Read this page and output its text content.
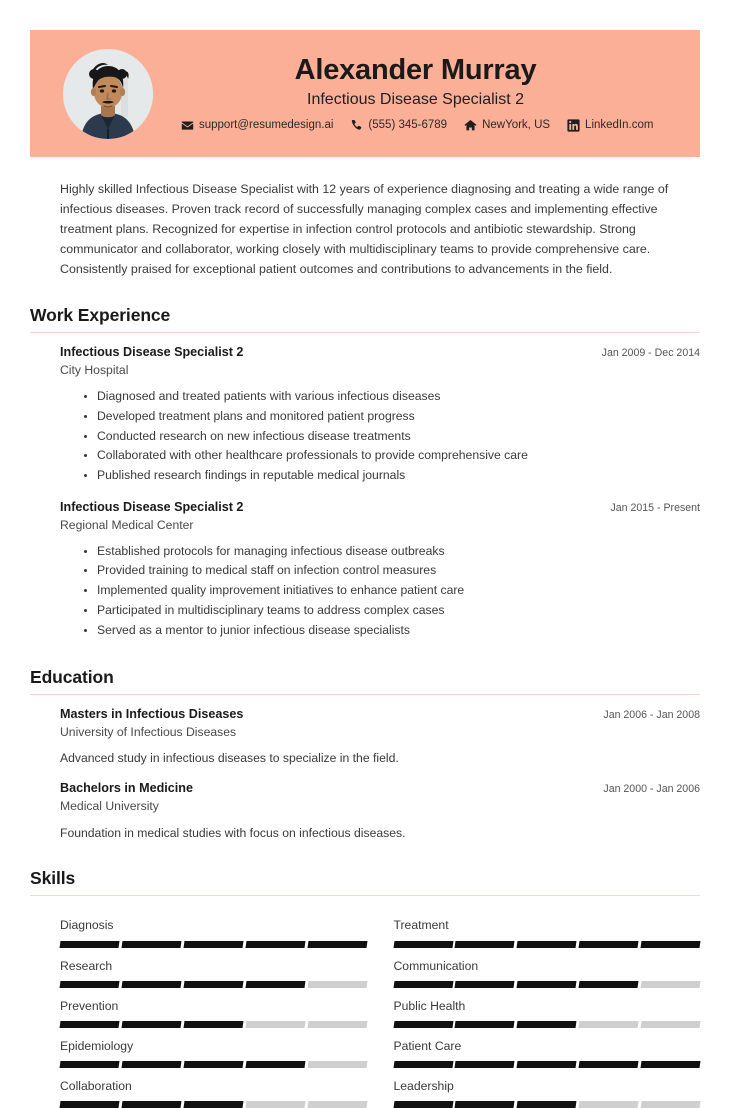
Alexander Murray
Infectious Disease Specialist 2
support@resumedesign.ai	(555) 345-6789	NewYork, US	LinkedIn.com
Highly skilled Infectious Disease Specialist with 12 years of experience diagnosing and treating a wide range of infectious diseases. Proven track record of successfully managing complex cases and implementing effective treatment plans. Recognized for expertise in infection control protocols and antibiotic stewardship. Strong communicator and collaborator, working closely with multidisciplinary teams to provide comprehensive care. Consistently praised for exceptional patient outcomes and contributions to advancements in the field.
Work Experience
Infectious Disease Specialist 2	Jan 2009 - Dec 2014
City Hospital
Diagnosed and treated patients with various infectious diseases
Developed treatment plans and monitored patient progress
Conducted research on new infectious disease treatments
Collaborated with other healthcare professionals to provide comprehensive care
Published research findings in reputable medical journals
Infectious Disease Specialist 2	Jan 2015 - Present
Regional Medical Center
Established protocols for managing infectious disease outbreaks
Provided training to medical staff on infection control measures
Implemented quality improvement initiatives to enhance patient care
Participated in multidisciplinary teams to address complex cases
Served as a mentor to junior infectious disease specialists
Education
Masters in Infectious Diseases	Jan 2006 - Jan 2008
University of Infectious Diseases
Advanced study in infectious diseases to specialize in the field.
Bachelors in Medicine	Jan 2000 - Jan 2006
Medical University
Foundation in medical studies with focus on infectious diseases.
Skills
Diagnosis	Treatment
Research	Communication
Prevention	Public Health
Epidemiology	Patient Care
Collaboration	Leadership
